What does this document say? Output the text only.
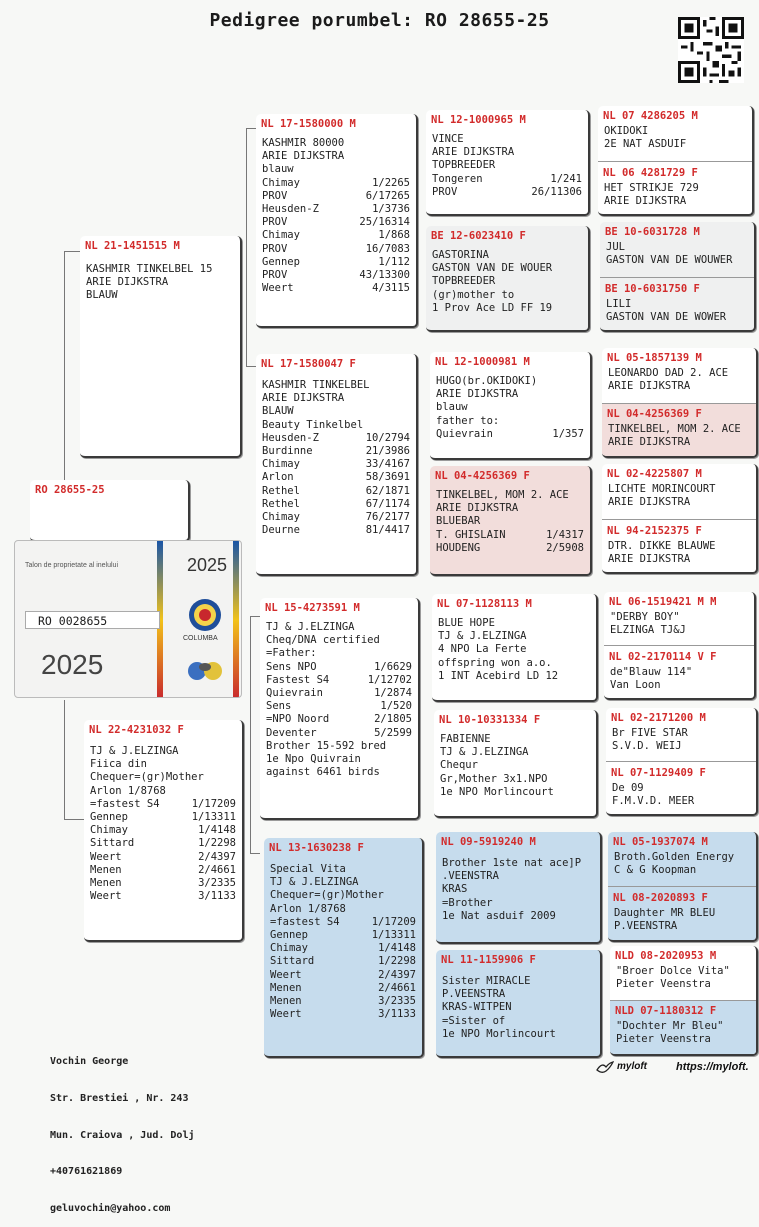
Pedigree porumbel: RO 28655-25
RO 28655-25
Talon de proprietate al inelului
RO 0028655
2025
2025
COLUMBA
NL 21-1451515 M
KASHMIR TINKELBEL 15
ARIE DIJKSTRA
BLAUW
NL 22-4231032 F
TJ & J.ELZINGA
Fiica din
Chequer=(gr)Mother
Arlon 1/8768
=fastest S4	1/17209
Gennep	1/13311
Chimay	1/4148
Sittard	1/2298
Weert	2/4397
Menen	2/4661
Menen	3/2335
Weert	3/1133
NL 17-1580000 M
KASHMIR 80000
ARIE DIJKSTRA
blauw
Chimay	1/2265
PROV	6/17265
Heusden-Z	1/3736
PROV	25/16314
Chimay	1/868
PROV	16/7083
Gennep	1/112
PROV	43/13300
Weert	4/3115
NL 17-1580047 F
KASHMIR TINKELBEL
ARIE DIJKSTRA
BLAUW
Beauty Tinkelbel
Heusden-Z	10/2794
Burdinne	21/3986
Chimay	33/4167
Arlon	58/3691
Rethel	62/1871
Rethel	67/1174
Chimay	76/2177
Deurne	81/4417
NL 15-4273591 M
TJ & J.ELZINGA
Cheq/DNA certified
=Father:
Sens NPO	1/6629
Fastest S4	1/12702
Quievrain	1/2874
Sens	1/520
=NPO Noord	2/1805
Deventer	5/2599
Brother 15-592 bred
1e Npo Quivrain
against 6461 birds
NL 13-1630238 F
Special Vita
TJ & J.ELZINGA
Chequer=(gr)Mother
Arlon 1/8768
=fastest S4	1/17209
Gennep	1/13311
Chimay	1/4148
Sittard	1/2298
Weert	2/4397
Menen	2/4661
Menen	3/2335
Weert	3/1133
NL 12-1000965 M
VINCE
ARIE DIJKSTRA
TOPBREEDER
Tongeren	1/241
PROV	26/11306
BE 12-6023410 F
GASTORINA
GASTON VAN DE WOUER
TOPBREEDER
(gr)mother to
1 Prov Ace LD FF 19
NL 12-1000981 M
HUGO(br.OKIDOKI)
ARIE DIJKSTRA
blauw
father to:
Quievrain	1/357
NL 04-4256369 F
TINKELBEL, MOM 2. ACE
ARIE DIJKSTRA
BLUEBAR
T. GHISLAIN	1/4317
HOUDENG	2/5908
NL 07-1128113 M
BLUE HOPE
TJ & J.ELZINGA
4 NPO La Ferte
offspring won a.o.
1 INT Acebird LD 12
NL 10-10331334 F
FABIENNE
TJ & J.ELZINGA
Chequr
Gr,Mother 3x1.NPO
1e NPO Morlincourt
NL 09-5919240 M
Brother 1ste nat ace]P
.VEENSTRA
KRAS
=Brother
1e Nat asduif 2009
NL 11-1159906 F
Sister MIRACLE
P.VEENSTRA
KRAS-WITPEN
=Sister of
1e NPO Morlincourt
NL 07 4286205 M
OKIDOKI
2E NAT ASDUIF
NL 06 4281729 F
HET STRIKJE 729
ARIE DIJKSTRA
BE 10-6031728 M
JUL
GASTON VAN DE WOUWER
BE 10-6031750 F
LILI
GASTON VAN DE WOWER
NL 05-1857139 M
LEONARDO DAD 2. ACE
ARIE DIJKSTRA
NL 04-4256369 F
TINKELBEL, MOM 2. ACE
ARIE DIJKSTRA
NL 02-4225807 M
LICHTE MORINCOURT
ARIE DIJKSTRA
NL 94-2152375 F
DTR. DIKKE BLAUWE
ARIE DIJKSTRA
NL 06-1519421 M M
"DERBY BOY"
ELZINGA TJ&J
NL 02-2170114 V F
de"Blauw 114"
Van Loon
NL 02-2171200 M
Br FIVE STAR
S.V.D. WEIJ
NL 07-1129409 F
De 09
F.M.V.D. MEER
NL 05-1937074 M
Broth.Golden Energy
C & G Koopman
NL 08-2020893 F
Daughter MR BLEU
P.VEENSTRA
NLD 08-2020953 M
"Broer Dolce Vita"
Pieter Veenstra
NLD 07-1180312 F
"Dochter Mr Bleu"
Pieter Veenstra

Vochin George

Str. Brestiei , Nr. 243

Mun. Craiova , Jud. Dolj

+40761621869

geluvochin@yahoo.com

myloft	https://myloft.
